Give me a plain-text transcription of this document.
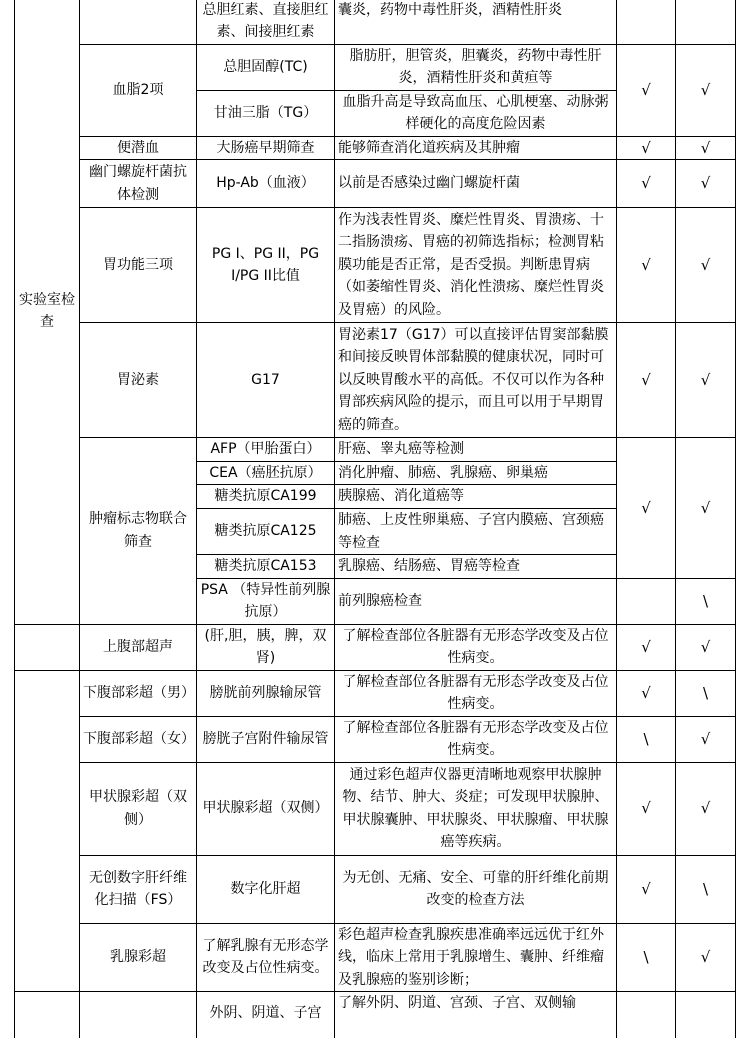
实验室检查		总胆红素、直接胆红素、间接胆红素	囊炎，药物中毒性肝炎，酒精性肝炎		
	血脂2项	总胆固醇(TC)	脂肪肝，胆管炎，胆囊炎，药物中毒性肝炎，酒精性肝炎和黄疸等	√	√
		甘油三脂（TG）	血脂升高是导致高血压、心肌梗塞、动脉粥样硬化的高度危险因素		
	便潜血	大肠癌早期筛查	能够筛查消化道疾病及其肿瘤	√	√
	幽门螺旋杆菌抗体检测	Hp-Ab（血液）	以前是否感染过幽门螺旋杆菌	√	√
	胃功能三项	PG I、PG II，PG I/PG II比值	作为浅表性胃炎、糜烂性胃炎、胃溃疡、十二指肠溃疡、胃癌的初筛选指标；检测胃粘膜功能是否正常，是否受损。判断患胃病（如萎缩性胃炎、消化性溃疡、糜烂性胃炎及胃癌）的风险。	√	√
	胃泌素	G17	胃泌素17（G17）可以直接评估胃窦部黏膜和间接反映胃体部黏膜的健康状况，同时可以反映胃酸水平的高低。不仅可以作为各种胃部疾病风险的提示，而且可以用于早期胃癌的筛查。	√	√
	肿瘤标志物联合筛查	AFP（甲胎蛋白）	肝癌、睾丸癌等检测	√	√
		CEA（癌胚抗原）	消化肿瘤、肺癌、乳腺癌、卵巢癌		
		糖类抗原CA199	胰腺癌、消化道癌等		
		糖类抗原CA125	肺癌、上皮性卵巢癌、子宫内膜癌、宫颈癌等检查		
		糖类抗原CA153	乳腺癌、结肠癌、胃癌等检查		
		PSA （特异性前列腺抗原）	前列腺癌检查		\
	上腹部超声	(肝,胆，胰，脾，双肾)	了解检查部位各脏器有无形态学改变及占位性病变。	√	√
	下腹部彩超（男）	膀胱前列腺输尿管	了解检查部位各脏器有无形态学改变及占位性病变。	√	\
	下腹部彩超（女）	膀胱子宫附件输尿管	了解检查部位各脏器有无形态学改变及占位性病变。	\	√
	甲状腺彩超（双侧）	甲状腺彩超（双侧）	通过彩色超声仪器更清晰地观察甲状腺肿物、结节、肿大、炎症；可发现甲状腺肿、甲状腺囊肿、甲状腺炎、甲状腺瘤、甲状腺癌等疾病。	√	√
	无创数字肝纤维化扫描（FS）	数字化肝超	为无创、无痛、安全、可靠的肝纤维化前期改变的检查方法	√	\
	乳腺彩超	了解乳腺有无形态学改变及占位性病变。	彩色超声检查乳腺疾患准确率远远优于红外线，临床上常用于乳腺增生、囊肿、纤维瘤及乳腺癌的鉴别诊断；	\	√
		外阴、阴道、子宫	了解外阴、阴道、宫颈、子宫、双侧输		
